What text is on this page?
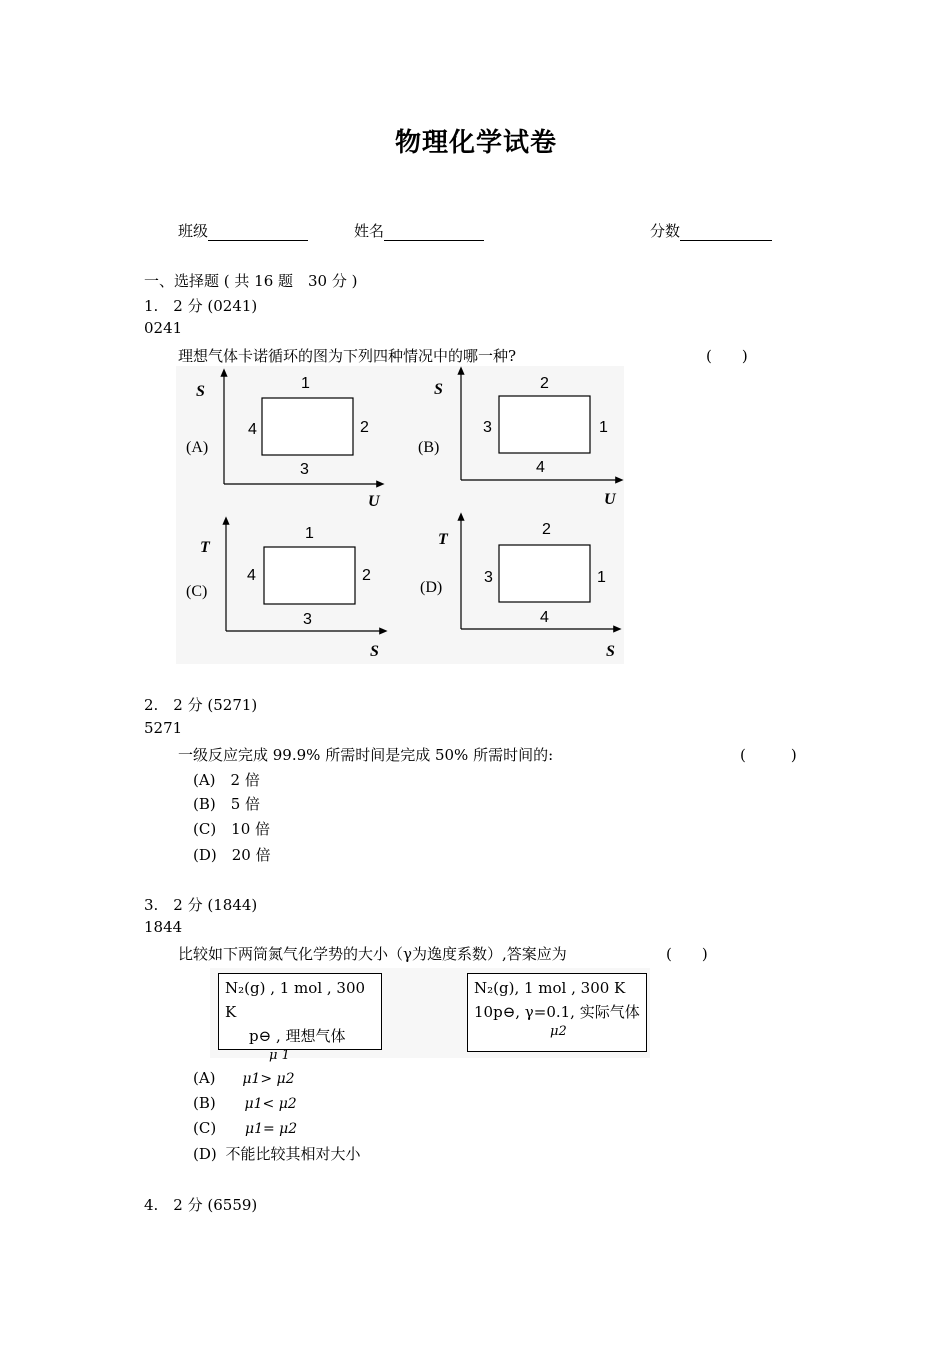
物理化学试卷
班级	姓名	分数
一、选择题 ( 共 16 题　30 分 )
1.　2 分 (0241)
0241
理想气体卡诺循环的图为下列四种情况中的哪一种?	(　　)
S
U
(A)
1
2
3
4
S
U
(B)
2
1
4
3
T
S
(C)
1
2
3
4
T
S
(D)
2
1
4
3
2.　2 分 (5271)
5271
一级反应完成 99.9% 所需时间是完成 50% 所需时间的:	(　　　)
(A)　2 倍
(B)　5 倍
(C)　10 倍
(D)　20 倍
3.　2 分 (1844)
1844
比较如下两筒氮气化学势的大小（γ为逸度系数）,答案应为	(　　)
N₂(g) , 1 mol , 300 K
p⊖ , 理想气体
μ 1
N₂(g), 1 mol , 300 K
10p⊖, γ=0.1, 实际气体
μ2
(A) μ1> μ2
(B) μ1< μ2
(C) μ1= μ2
(D) 不能比较其相对大小
4.　2 分 (6559)
